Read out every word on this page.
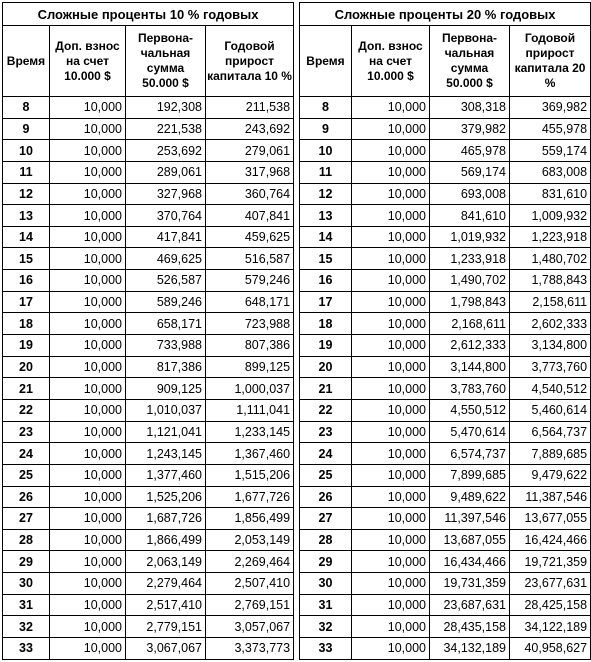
Сложные проценты 10 % годовых			
Время	Доп. взнос на счет 10.000 $	Первона-чальная сумма 50.000 $	Годовой прирост капитала 10 %
8	10,000	192,308	211,538
9	10,000	221,538	243,692
10	10,000	253,692	279,061
11	10,000	289,061	317,968
12	10,000	327,968	360,764
13	10,000	370,764	407,841
14	10,000	417,841	459,625
15	10,000	469,625	516,587
16	10,000	526,587	579,246
17	10,000	589,246	648,171
18	10,000	658,171	723,988
19	10,000	733,988	807,386
20	10,000	817,386	899,125
21	10,000	909,125	1,000,037
22	10,000	1,010,037	1,111,041
23	10,000	1,121,041	1,233,145
24	10,000	1,243,145	1,367,460
25	10,000	1,377,460	1,515,206
26	10,000	1,525,206	1,677,726
27	10,000	1,687,726	1,856,499
28	10,000	1,866,499	2,053,149
29	10,000	2,063,149	2,269,464
30	10,000	2,279,464	2,507,410
31	10,000	2,517,410	2,769,151
32	10,000	2,779,151	3,057,067
33	10,000	3,067,067	3,373,773
Сложные проценты 20 % годовых			
Время	Доп. взнос на счет 10.000 $	Первона-чальная сумма 50.000 $	Годовой прирост капитала 20 %
8	10,000	308,318	369,982
9	10,000	379,982	455,978
10	10,000	465,978	559,174
11	10,000	569,174	683,008
12	10,000	693,008	831,610
13	10,000	841,610	1,009,932
14	10,000	1,019,932	1,223,918
15	10,000	1,233,918	1,480,702
16	10,000	1,490,702	1,788,843
17	10,000	1,798,843	2,158,611
18	10,000	2,168,611	2,602,333
19	10,000	2,612,333	3,134,800
20	10,000	3,144,800	3,773,760
21	10,000	3,783,760	4,540,512
22	10,000	4,550,512	5,460,614
23	10,000	5,470,614	6,564,737
24	10,000	6,574,737	7,889,685
25	10,000	7,899,685	9,479,622
26	10,000	9,489,622	11,387,546
27	10,000	11,397,546	13,677,055
28	10,000	13,687,055	16,424,466
29	10,000	16,434,466	19,721,359
30	10,000	19,731,359	23,677,631
31	10,000	23,687,631	28,425,158
32	10,000	28,435,158	34,122,189
33	10,000	34,132,189	40,958,627
